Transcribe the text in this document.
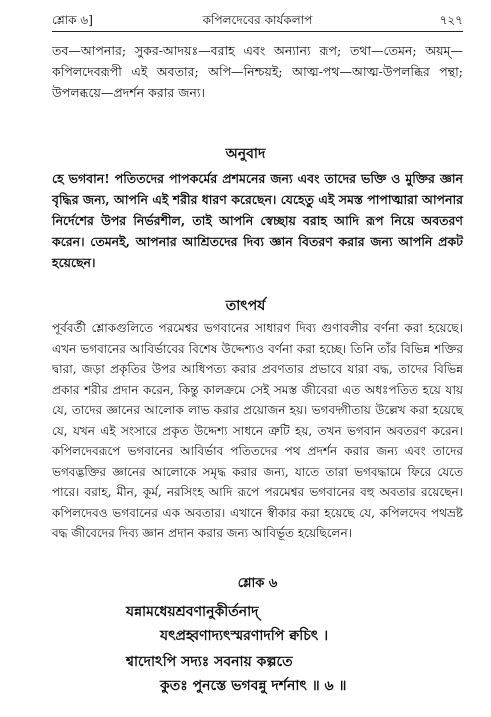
শ্লোক ৬]	কপিলদেবের কার্যকলাপ	৭২৭
তব—আপনার; সুকর-আদয়ঃ—বরাহ এবং অন্যান্য রূপ; তথা—তেমন; অয়ম্—কপিলদেবরূপী এই অবতার; অপি—নিশ্চয়ই; আত্ম-পথ—আত্ম-উপলব্ধির পন্থা; উপলব্ধয়ে—প্রদর্শন করার জন্য।
অনুবাদ
হে ভগবান! পতিতদের পাপকর্মের প্রশমনের জন্য এবং তাদের ভক্তি ও মুক্তির জ্ঞান বৃদ্ধির জন্য, আপনি এই শরীর ধারণ করেছেন। যেহেতু এই সমস্ত পাপাত্মারা আপনার নির্দেশের উপর নির্ভরশীল, তাই আপনি স্বেচ্ছায় বরাহ আদি রূপ নিয়ে অবতরণ করেন। তেমনই, আপনার আশ্রিতদের দিব্য জ্ঞান বিতরণ করার জন্য আপনি প্রকট হয়েছেন।
তাৎপর্য
পূর্ববর্তী শ্লোকগুলিতে পরমেশ্বর ভগবানের সাধারণ দিব্য গুণাবলীর বর্ণনা করা হয়েছে। এখন ভগবানের আবির্ভাবের বিশেষ উদ্দেশ্যও বর্ণনা করা হচ্ছে। তিনি তাঁর বিভিন্ন শক্তির দ্বারা, জড়া প্রকৃতির উপর আধিপত্য করার প্রবণতার প্রভাবে যারা বদ্ধ, তাদের বিভিন্ন প্রকার শরীর প্রদান করেন, কিন্তু কালক্রমে সেই সমস্ত জীবেরা এত অধঃপতিত হয়ে যায় যে, তাদের জ্ঞানের আলোক লাভ করার প্রয়োজন হয়। ভগবদ্গীতায় উল্লেখ করা হয়েছে যে, যখন এই সংসারে প্রকৃত উদ্দেশ্য সাধনে ত্রুটি হয়, তখন ভগবান অবতরণ করেন। কপিলদেবরূপে ভগবানের আবির্ভাব পতিতদের পথ প্রদর্শন করার জন্য এবং তাদের ভগবদ্ভক্তির জ্ঞানের আলোকে সমৃদ্ধ করার জন্য, যাতে তারা ভগবদ্ধামে ফিরে যেতে পারে। বরাহ, মীন, কূর্ম, নরসিংহ আদি রূপে পরমেশ্বর ভগবানের বহু অবতার রয়েছেন। কপিলদেবও ভগবানের এক অবতার। এখানে স্বীকার করা হয়েছে যে, কপিলদেব পথভ্রষ্ট বদ্ধ জীবেদের দিব্য জ্ঞান প্রদান করার জন্য আবির্ভূত হয়েছিলেন।
শ্লোক ৬
যন্নামধেয়শ্রবণানুকীর্তনাদ্
যৎপ্রহ্বণাদ্যৎস্মরণাদপি ক্বচিৎ ।
শ্বাদোঽপি সদ্যঃ সবনায় কল্পতে
কুতঃ পুনস্তে ভগবন্নু দর্শনাৎ ॥ ৬ ॥
